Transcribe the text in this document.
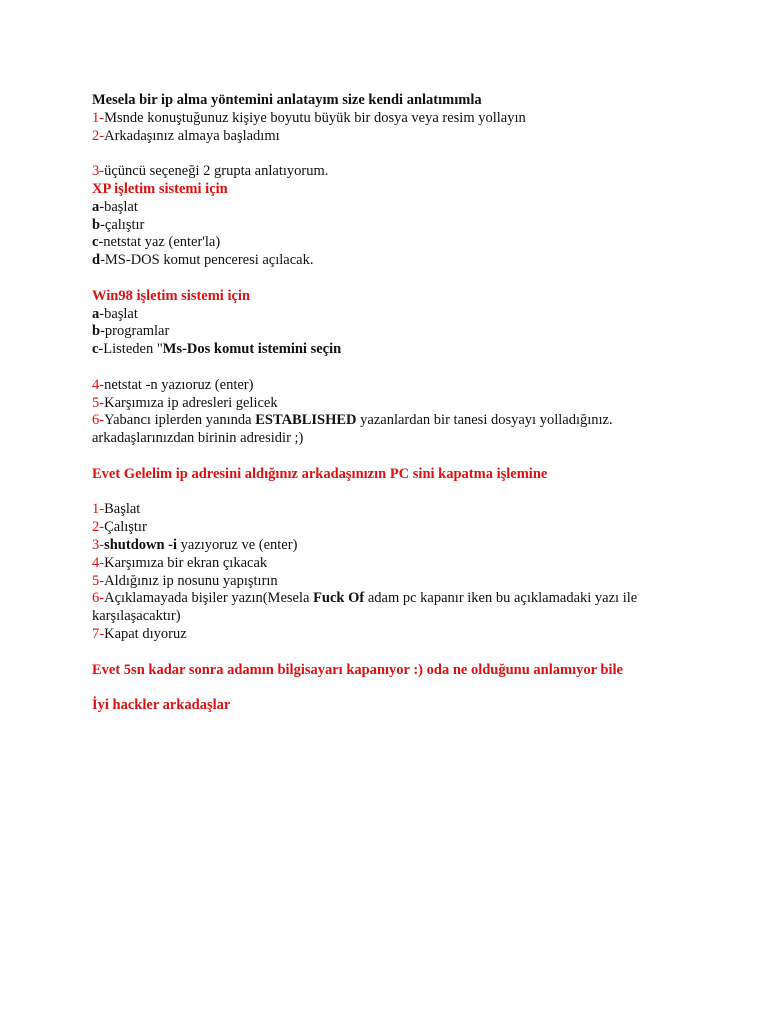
Mesela bir ip alma yöntemini anlatayım size kendi anlatımımla

1-Msnde konuştuğunuz kişiye boyutu büyük bir dosya veya resim yollayın

2-Arkadaşınız almaya başladımı

3-üçüncü seçeneği 2 grupta anlatıyorum.

XP işletim sistemi için

a-başlat

b-çalıştır

c-netstat yaz (enter'la)

d-MS-DOS komut penceresi açılacak.

Win98 işletim sistemi için

a-başlat

b-programlar

c-Listeden "Ms-Dos komut istemini seçin

4-netstat -n yazıoruz (enter)

5-Karşımıza ip adresleri gelicek

6-Yabancı iplerden yanında ESTABLISHED yazanlardan bir tanesi dosyayı yolladığınız.

arkadaşlarınızdan birinin adresidir ;)

Evet Gelelim ip adresini aldığınız arkadaşınızın PC sini kapatma işlemine

1-Başlat

2-Çalıştır

3-shutdown -i yazıyoruz ve (enter)

4-Karşımıza bir ekran çıkacak

5-Aldığınız ip nosunu yapıştırın

6-Açıklamayada bişiler yazın(Mesela Fuck Of adam pc kapanır iken bu açıklamadaki yazı ile karşılaşacaktır)

7-Kapat dıyoruz

Evet 5sn kadar sonra adamın bilgisayarı kapanıyor :) oda ne olduğunu anlamıyor bile

İyi hackler arkadaşlar
